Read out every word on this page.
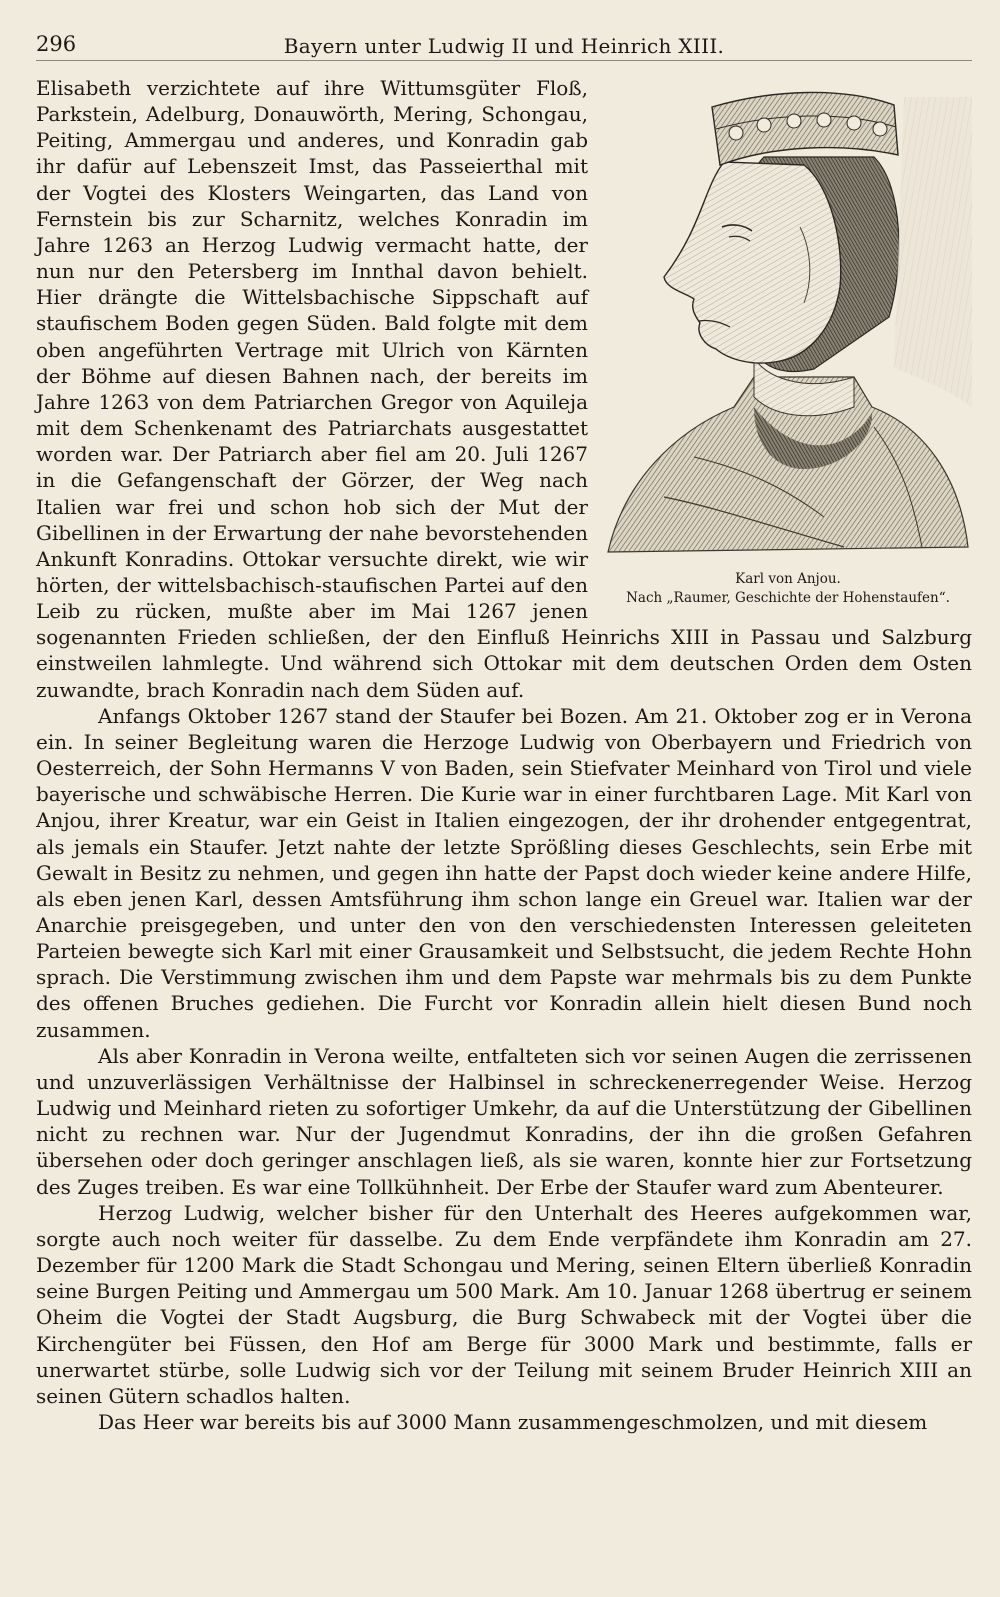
296	Bayern unter Ludwig II und Heinrich XIII.
Karl von Anjou.
Nach „Raumer, Geschichte der Hohenstaufen“.

Elisabeth verzichtete auf ihre Wittumsgüter Floß, Parkstein, Adelburg, Donauwörth, Mering, Schongau, Peiting, Ammergau und anderes, und Konradin gab ihr dafür auf Lebenszeit Imst, das Passeierthal mit der Vogtei des Klosters Weingarten, das Land von Fernstein bis zur Scharnitz, welches Konradin im Jahre 1263 an Herzog Ludwig vermacht hatte, der nun nur den Petersberg im Innthal davon behielt. Hier drängte die Wittelsbachische Sippschaft auf staufischem Boden gegen Süden. Bald folgte mit dem oben angeführten Vertrage mit Ulrich von Kärnten der Böhme auf diesen Bahnen nach, der bereits im Jahre 1263 von dem Patriarchen Gregor von Aquileja mit dem Schenkenamt des Patriarchats ausgestattet worden war. Der Patriarch aber fiel am 20. Juli 1267 in die Gefangenschaft der Görzer, der Weg nach Italien war frei und schon hob sich der Mut der Gibellinen in der Erwartung der nahe bevorstehenden Ankunft Konradins. Ottokar versuchte direkt, wie wir hörten, der wittelsbachisch-staufischen Partei auf den Leib zu rücken, mußte aber im Mai 1267 jenen sogenannten Frieden schließen, der den Einfluß Heinrichs XIII in Passau und Salzburg einstweilen lahmlegte. Und während sich Ottokar mit dem deutschen Orden dem Osten zuwandte, brach Konradin nach dem Süden auf.

Anfangs Oktober 1267 stand der Staufer bei Bozen. Am 21. Oktober zog er in Verona ein. In seiner Begleitung waren die Herzoge Ludwig von Oberbayern und Friedrich von Oesterreich, der Sohn Hermanns V von Baden, sein Stiefvater Meinhard von Tirol und viele bayerische und schwäbische Herren. Die Kurie war in einer furchtbaren Lage. Mit Karl von Anjou, ihrer Kreatur, war ein Geist in Italien eingezogen, der ihr drohender entgegentrat, als jemals ein Staufer. Jetzt nahte der letzte Sprößling dieses Geschlechts, sein Erbe mit Gewalt in Besitz zu nehmen, und gegen ihn hatte der Papst doch wieder keine andere Hilfe, als eben jenen Karl, dessen Amtsführung ihm schon lange ein Greuel war. Italien war der Anarchie preisgegeben, und unter den von den verschiedensten Interessen geleiteten Parteien bewegte sich Karl mit einer Grausamkeit und Selbstsucht, die jedem Rechte Hohn sprach. Die Verstimmung zwischen ihm und dem Papste war mehrmals bis zu dem Punkte des offenen Bruches gediehen. Die Furcht vor Konradin allein hielt diesen Bund noch zusammen.

Als aber Konradin in Verona weilte, entfalteten sich vor seinen Augen die zerrissenen und unzuverlässigen Verhältnisse der Halbinsel in schreckenerregender Weise. Herzog Ludwig und Meinhard rieten zu sofortiger Umkehr, da auf die Unterstützung der Gibellinen nicht zu rechnen war. Nur der Jugendmut Konradins, der ihn die großen Gefahren übersehen oder doch geringer anschlagen ließ, als sie waren, konnte hier zur Fortsetzung des Zuges treiben. Es war eine Tollkühnheit. Der Erbe der Staufer ward zum Abenteurer.

Herzog Ludwig, welcher bisher für den Unterhalt des Heeres aufgekommen war, sorgte auch noch weiter für dasselbe. Zu dem Ende verpfändete ihm Konradin am 27. Dezember für 1200 Mark die Stadt Schongau und Mering, seinen Eltern überließ Konradin seine Burgen Peiting und Ammergau um 500 Mark. Am 10. Januar 1268 übertrug er seinem Oheim die Vogtei der Stadt Augsburg, die Burg Schwabeck mit der Vogtei über die Kirchengüter bei Füssen, den Hof am Berge für 3000 Mark und bestimmte, falls er unerwartet stürbe, solle Ludwig sich vor der Teilung mit seinem Bruder Heinrich XIII an seinen Gütern schadlos halten.

Das Heer war bereits bis auf 3000 Mann zusammengeschmolzen, und mit diesem
